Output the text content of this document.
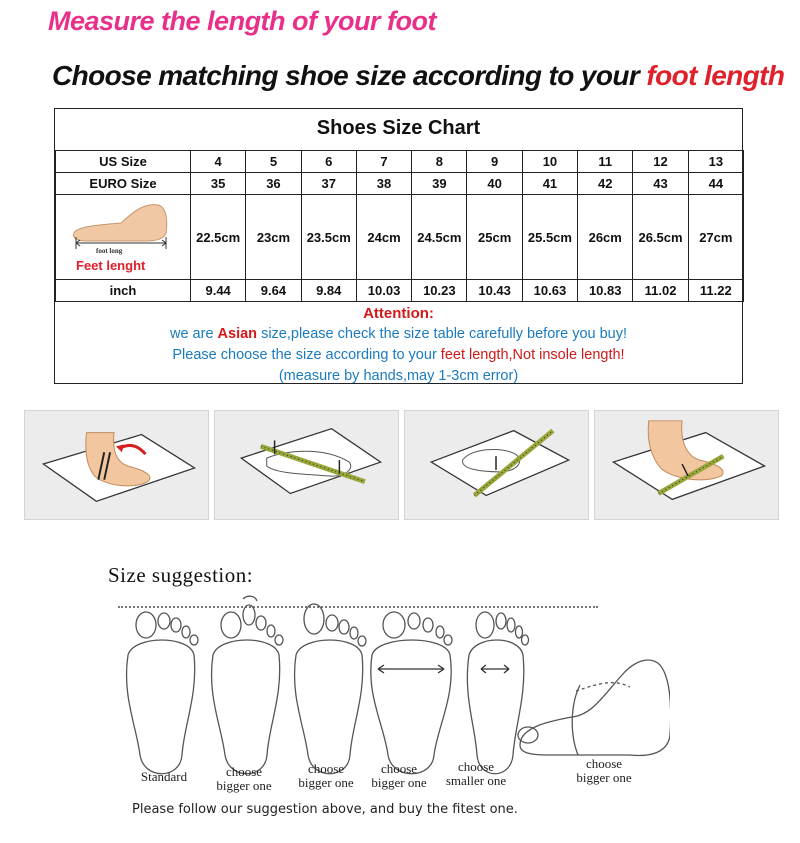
Measure the length of your foot
Choose matching shoe size according to your foot length
Shoes Size Chart
US Size	4	5	6	7	8	9	10	11	12	13
EURO Size	35	36	37	38	39	40	41	42	43	44

foot long
Feet lenght	22.5cm	23cm	23.5cm	24cm	24.5cm	25cm	25.5cm	26cm	26.5cm	27cm
inch	9.44	9.64	9.84	10.03	10.23	10.43	10.63	10.83	11.02	11.22
Attention:
we are Asian size,please check the size table carefully before you buy!
Please choose the size according to your feet length,Not insole length!
(measure by hands,may 1-3cm error)
Size suggestion:
Standard	choose
bigger one
choose
bigger one
choose
bigger one
choose
smaller one
choose
bigger one
Please follow our suggestion above, and buy the fitest one.
